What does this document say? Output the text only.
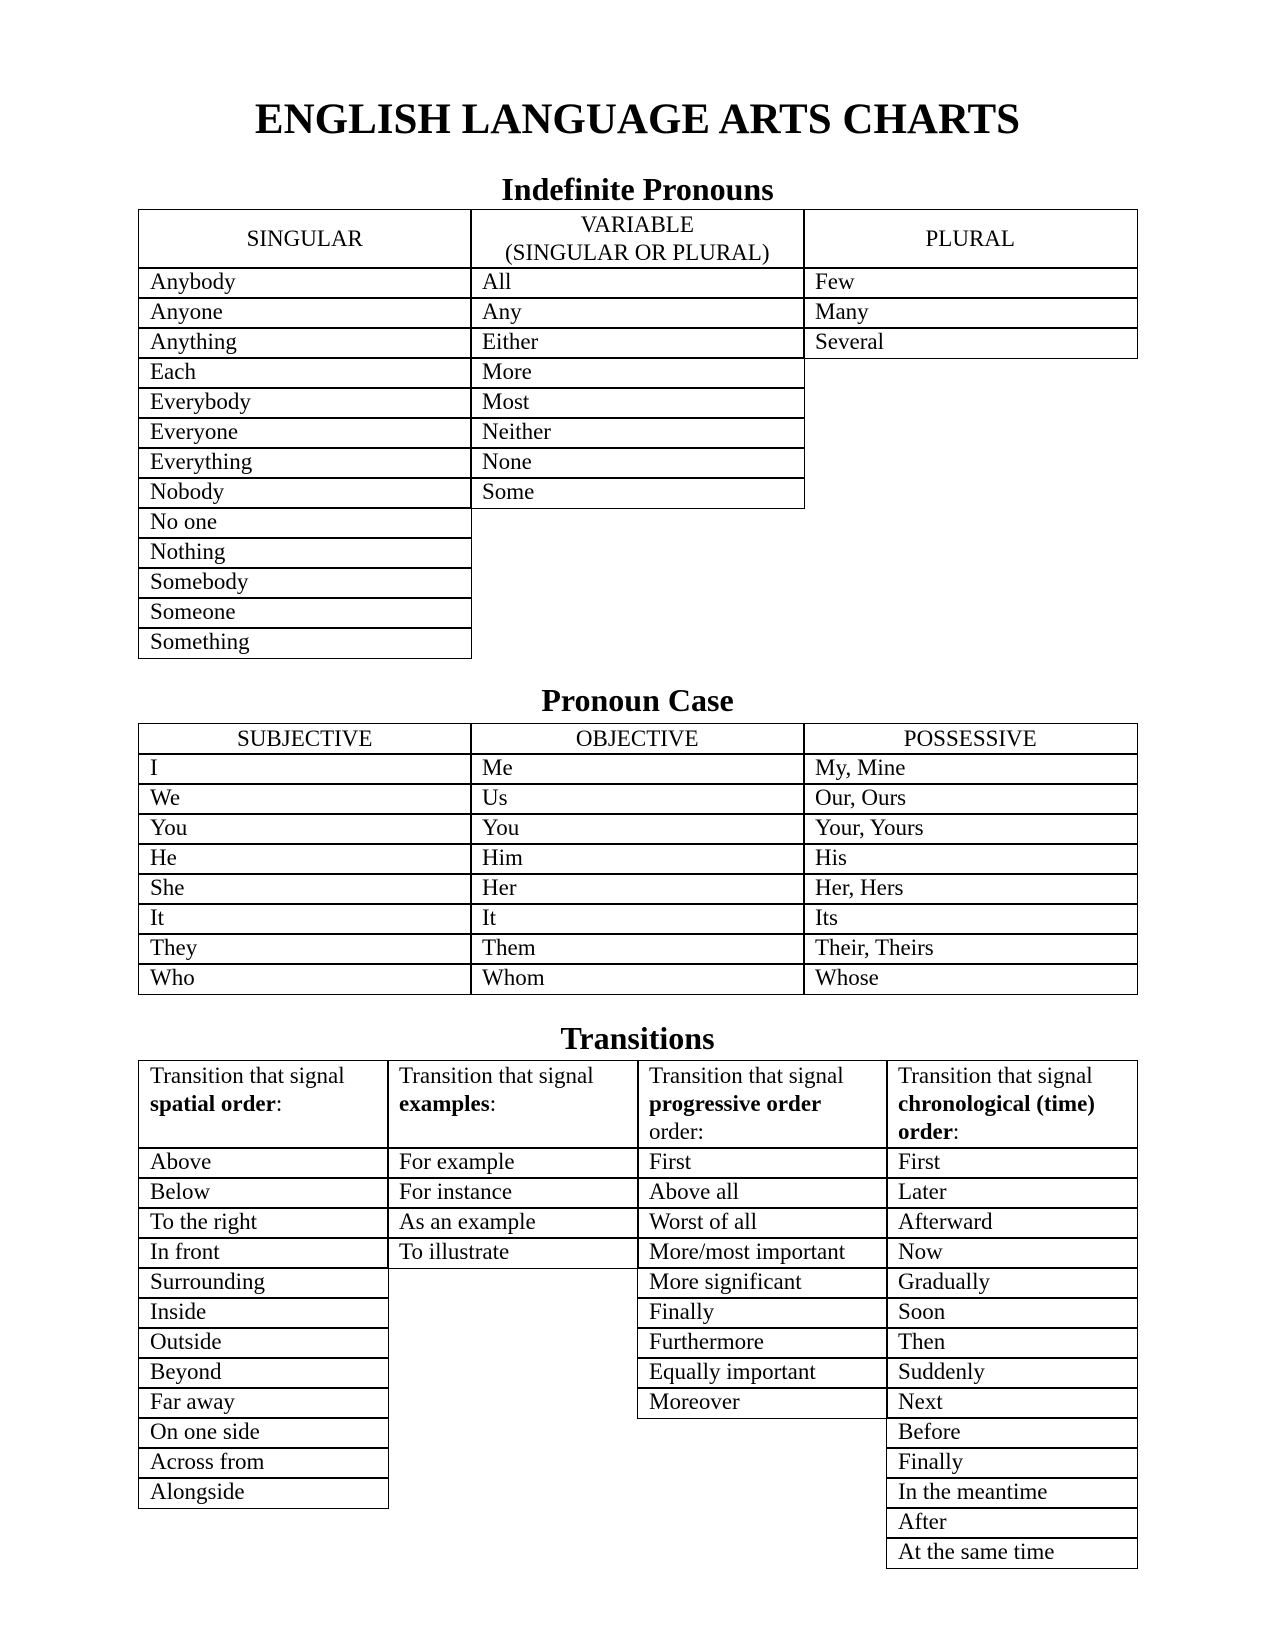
ENGLISH LANGUAGE ARTS CHARTS
Indefinite Pronouns
SINGULAR
VARIABLE
(SINGULAR OR PLURAL)
PLURAL
Anybody
Anyone
Anything
Each
Everybody
Everyone
Everything
Nobody
No one
Nothing
Somebody
Someone
Something
All
Any
Either
More
Most
Neither
None
Some
Few
Many
Several
Pronoun Case
SUBJECTIVE	OBJECTIVE	POSSESSIVE
I
We
You
He
She
It
They
Who
Me
Us
You
Him
Her
It
Them
Whom
My, Mine
Our, Ours
Your, Yours
His
Her, Hers
Its
Their, Theirs
Whose
Transitions
Transition that signal spatial order:
Transition that signal examples:
Transition that signal progressive order order:
Transition that signal chronological (time) order:
Above
Below
To the right
In front
Surrounding
Inside
Outside
Beyond
Far away
On one side
Across from
Alongside
For example
For instance
As an example
To illustrate
First
Above all
Worst of all
More/most important
More significant
Finally
Furthermore
Equally important
Moreover
First
Later
Afterward
Now
Gradually
Soon
Then
Suddenly
Next
Before
Finally
In the meantime
After
At the same time
